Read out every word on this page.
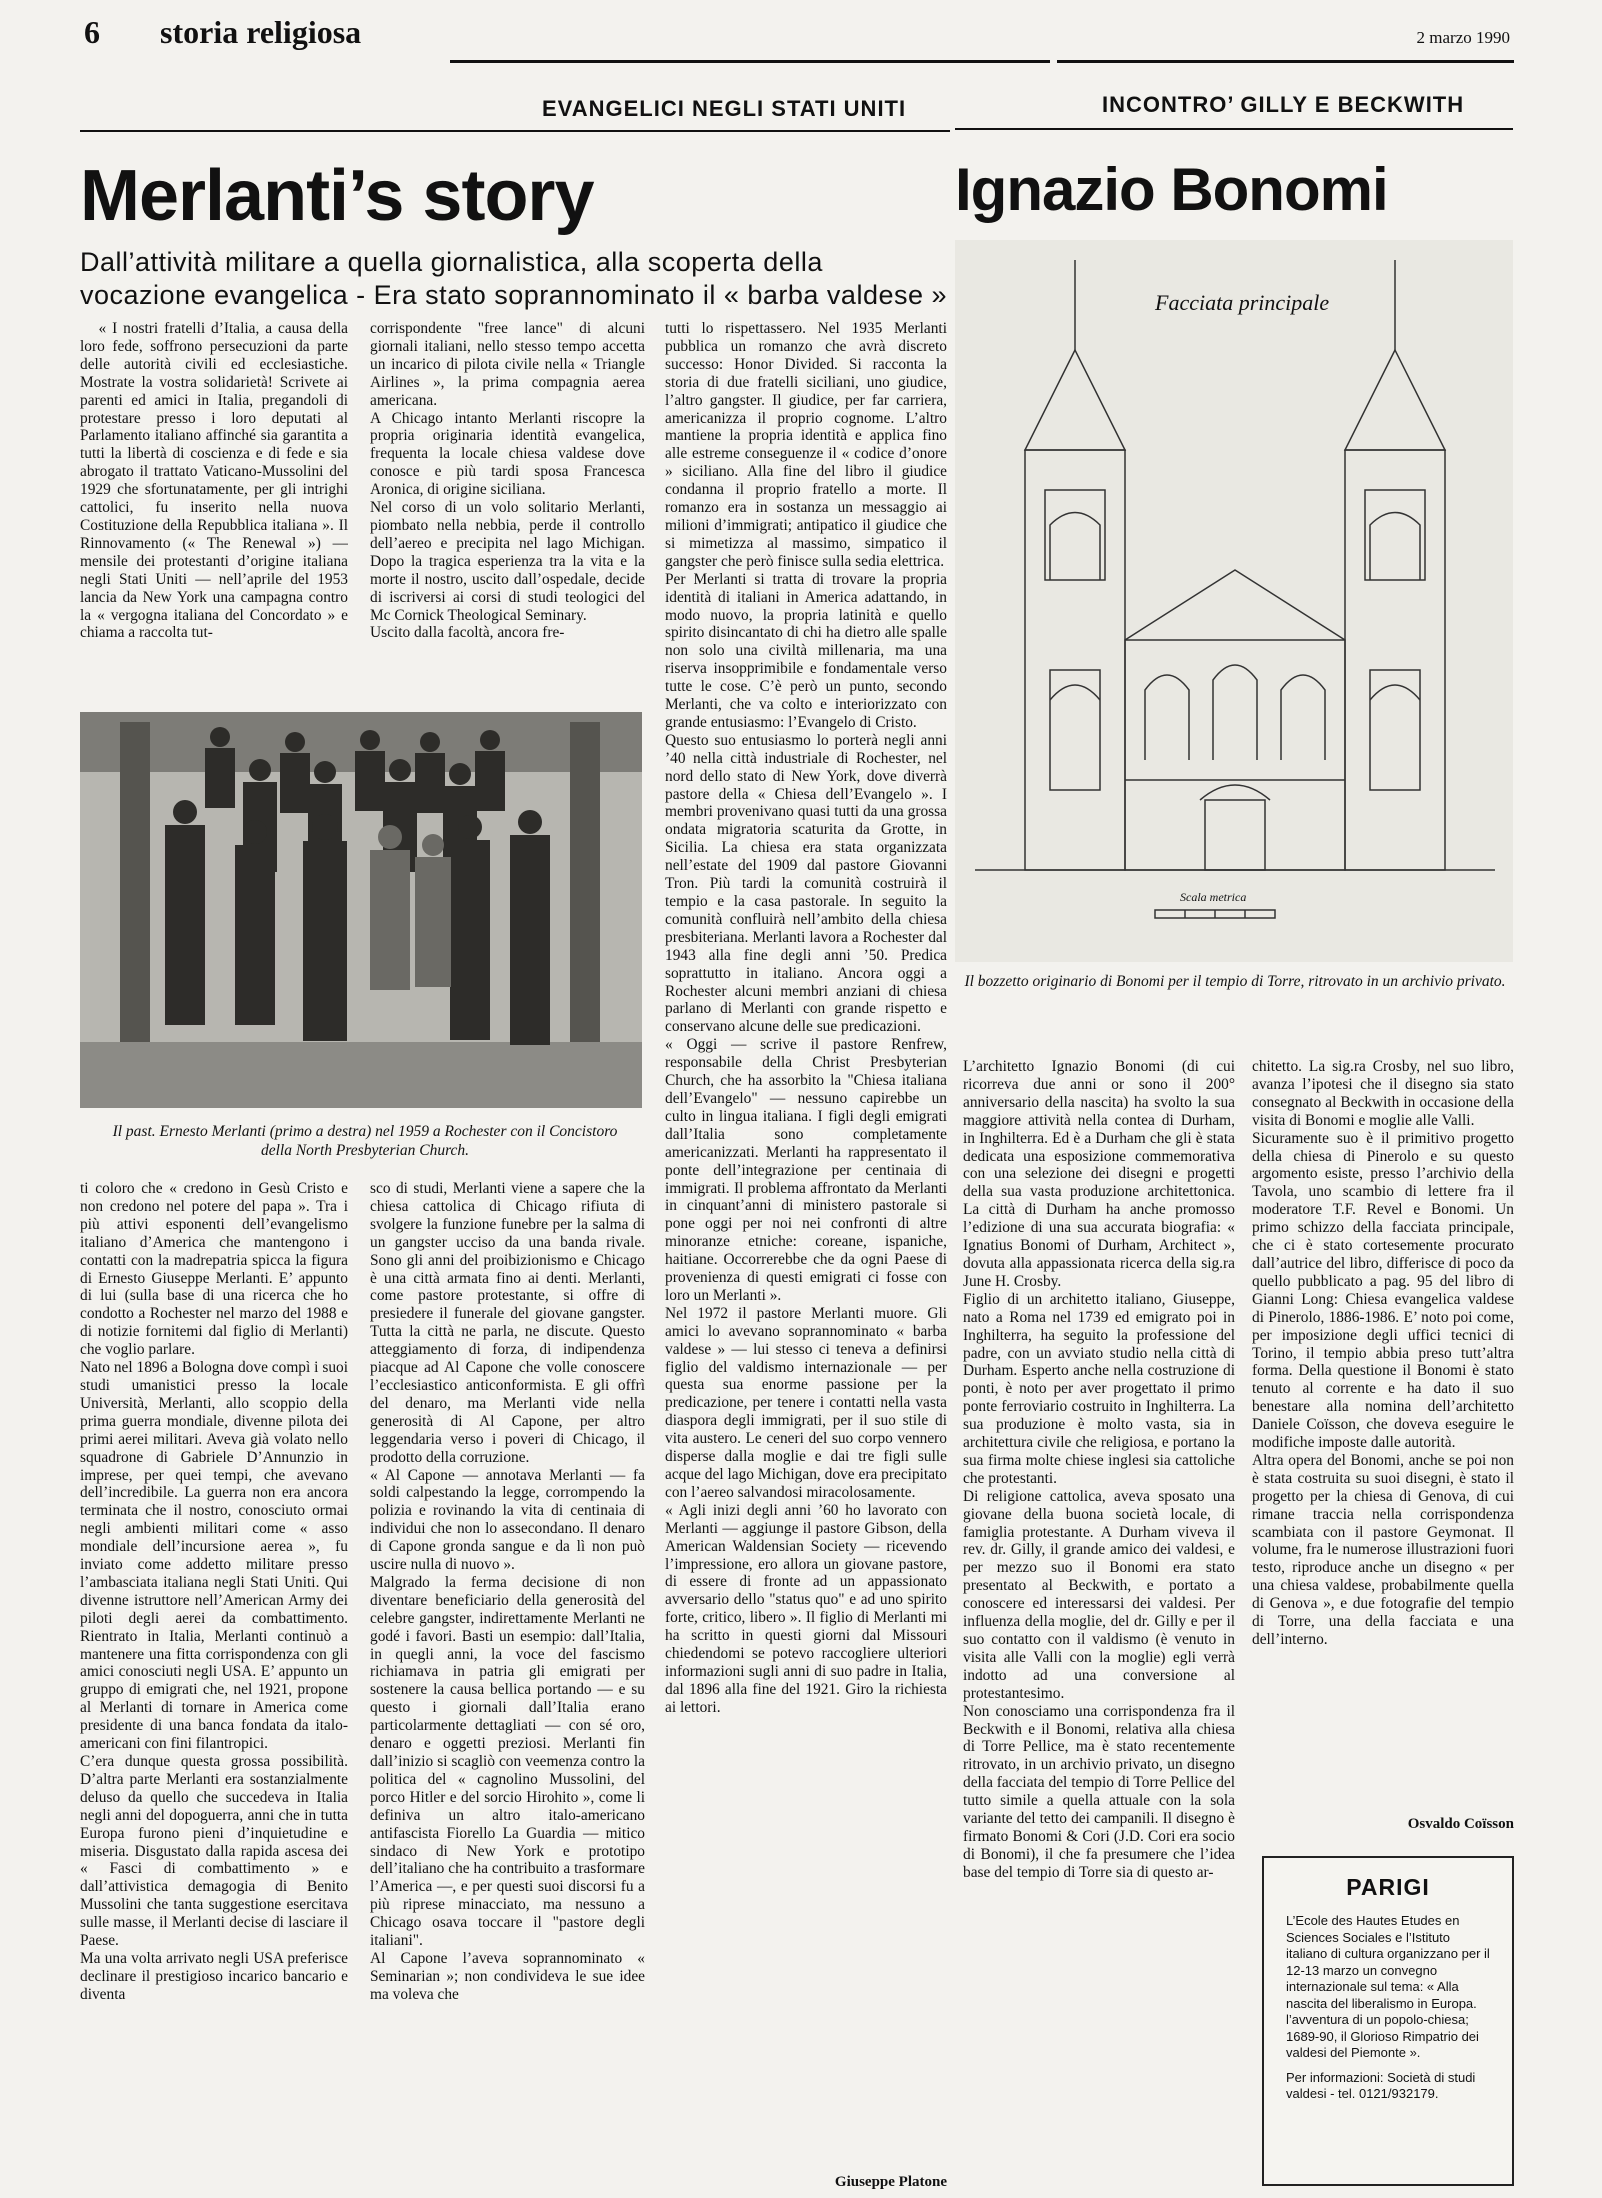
6 storia religiosa	2 marzo 1990
EVANGELICI NEGLI STATI UNITI
Merlanti’s story
Dall’attività militare a quella giornalistica, alla scoperta della vocazione evangelica - Era stato soprannominato il « barba valdese »
INCONTRO’ GILLY E BECKWITH
Ignazio Bonomi
« I nostri fratelli d’Italia, a causa della loro fede, soffrono persecuzioni da parte delle autorità civili ed ecclesiastiche. Mostrate la vostra solidarietà! Scrivete ai parenti ed amici in Italia, pregandoli di protestare presso i loro deputati al Parlamento italiano affinché sia garantita a tutti la libertà di coscienza e di fede e sia abrogato il trattato Vaticano-Mussolini del 1929 che sfortunatamente, per gli intrighi cattolici, fu inserito nella nuova Costituzione della Repubblica italiana ». Il Rinnovamento (« The Renewal ») — mensile dei protestanti d’origine italiana negli Stati Uniti — nell’aprile del 1953 lancia da New York una campagna contro la « vergogna italiana del Concordato » e chiama a raccolta tut-
corrispondente "free lance" di alcuni giornali italiani, nello stesso tempo accetta un incarico di pilota civile nella « Triangle Airlines », la prima compagnia aerea americana.
A Chicago intanto Merlanti riscopre la propria originaria identità evangelica, frequenta la locale chiesa valdese dove conosce e più tardi sposa Francesca Aronica, di origine siciliana.
Nel corso di un volo solitario Merlanti, piombato nella nebbia, perde il controllo dell’aereo e precipita nel lago Michigan. Dopo la tragica esperienza tra la vita e la morte il nostro, uscito dall’ospedale, decide di iscriversi ai corsi di studi teologici del Mc Cornick Theological Seminary.
Uscito dalla facoltà, ancora fre-
tutti lo rispettassero. Nel 1935 Merlanti pubblica un romanzo che avrà discreto successo: Honor Divided. Si racconta la storia di due fratelli siciliani, uno giudice, l’altro gangster. Il giudice, per far carriera, americanizza il proprio cognome. L’altro mantiene la propria identità e applica fino alle estreme conseguenze il « codice d’onore » siciliano. Alla fine del libro il giudice condanna il proprio fratello a morte. Il romanzo era in sostanza un messaggio ai milioni d’immigrati; antipatico il giudice che si mimetizza al massimo, simpatico il gangster che però finisce sulla sedia elettrica.
Per Merlanti si tratta di trovare la propria identità di italiani in America adattando, in modo nuovo, la propria latinità e quello spirito disincantato di chi ha dietro alle spalle non solo una civiltà millenaria, ma una riserva insopprimibile e fondamentale verso tutte le cose. C’è però un punto, secondo Merlanti, che va colto e interiorizzato con grande entusiasmo: l’Evangelo di Cristo.
Questo suo entusiasmo lo porterà negli anni ’40 nella città industriale di Rochester, nel nord dello stato di New York, dove diverrà pastore della « Chiesa dell’Evangelo ». I membri provenivano quasi tutti da una grossa ondata migratoria scaturita da Grotte, in Sicilia. La chiesa era stata organizzata nell’estate del 1909 dal pastore Giovanni Tron. Più tardi la comunità costruirà il tempio e la casa pastorale. In seguito la comunità confluirà nell’ambito della chiesa presbiteriana. Merlanti lavora a Rochester dal 1943 alla fine degli anni ’50. Predica soprattutto in italiano. Ancora oggi a Rochester alcuni membri anziani di chiesa parlano di Merlanti con grande rispetto e conservano alcune delle sue predicazioni.
« Oggi — scrive il pastore Renfrew, responsabile della Christ Presbyterian Church, che ha assorbito la "Chiesa italiana dell’Evangelo" — nessuno capirebbe un culto in lingua italiana. I figli degli emigrati dall’Italia sono completamente americanizzati. Merlanti ha rappresentato il ponte dell’integrazione per centinaia di immigrati. Il problema affrontato da Merlanti in cinquant’anni di ministero pastorale si pone oggi per noi nei confronti di altre minoranze etniche: coreane, ispaniche, haitiane. Occorrerebbe che da ogni Paese di provenienza di questi emigrati ci fosse con loro un Merlanti ».
Nel 1972 il pastore Merlanti muore. Gli amici lo avevano soprannominato « barba valdese » — lui stesso ci teneva a definirsi figlio del valdismo internazionale — per questa sua enorme passione per la predicazione, per tenere i contatti nella vasta diaspora degli immigrati, per il suo stile di vita austero. Le ceneri del suo corpo vennero disperse dalla moglie e dai tre figli sulle acque del lago Michigan, dove era precipitato con l’aereo salvandosi miracolosamente.
« Agli inizi degli anni ’60 ho lavorato con Merlanti — aggiunge il pastore Gibson, della American Waldensian Society — ricevendo l’impressione, ero allora un giovane pastore, di essere di fronte ad un appassionato avversario dello "status quo" e ad uno spirito forte, critico, libero ». Il figlio di Merlanti mi ha scritto in questi giorni dal Missouri chiedendomi se potevo raccogliere ulteriori informazioni sugli anni di suo padre in Italia, dal 1896 alla fine del 1921. Giro la richiesta ai lettori.
Giuseppe Platone
Il past. Ernesto Merlanti (primo a destra) nel 1959 a Rochester con il Concistoro della North Presbyterian Church.
ti coloro che « credono in Gesù Cristo e non credono nel potere del papa ». Tra i più attivi esponenti dell’evangelismo italiano d’America che mantengono i contatti con la madrepatria spicca la figura di Ernesto Giuseppe Merlanti. E’ appunto di lui (sulla base di una ricerca che ho condotto a Rochester nel marzo del 1988 e di notizie fornitemi dal figlio di Merlanti) che voglio parlare.
Nato nel 1896 a Bologna dove compì i suoi studi umanistici presso la locale Università, Merlanti, allo scoppio della prima guerra mondiale, divenne pilota dei primi aerei militari. Aveva già volato nello squadrone di Gabriele D’Annunzio in imprese, per quei tempi, che avevano dell’incredibile. La guerra non era ancora terminata che il nostro, conosciuto ormai negli ambienti militari come « asso mondiale dell’incursione aerea », fu inviato come addetto militare presso l’ambasciata italiana negli Stati Uniti. Qui divenne istruttore nell’American Army dei piloti degli aerei da combattimento. Rientrato in Italia, Merlanti continuò a mantenere una fitta corrispondenza con gli amici conosciuti negli USA. E’ appunto un gruppo di emigrati che, nel 1921, propone al Merlanti di tornare in America come presidente di una banca fondata da italo-americani con fini filantropici.
C’era dunque questa grossa possibilità. D’altra parte Merlanti era sostanzialmente deluso da quello che succedeva in Italia negli anni del dopoguerra, anni che in tutta Europa furono pieni d’inquietudine e miseria. Disgustato dalla rapida ascesa dei « Fasci di combattimento » e dall’attivistica demagogia di Benito Mussolini che tanta suggestione esercitava sulle masse, il Merlanti decise di lasciare il Paese.
Ma una volta arrivato negli USA preferisce declinare il prestigioso incarico bancario e diventa
sco di studi, Merlanti viene a sapere che la chiesa cattolica di Chicago rifiuta di svolgere la funzione funebre per la salma di un gangster ucciso da una banda rivale. Sono gli anni del proibizionismo e Chicago è una città armata fino ai denti. Merlanti, come pastore protestante, si offre di presiedere il funerale del giovane gangster. Tutta la città ne parla, ne discute. Questo atteggiamento di forza, di indipendenza piacque ad Al Capone che volle conoscere l’ecclesiastico anticonformista. E gli offrì del denaro, ma Merlanti vide nella generosità di Al Capone, per altro leggendaria verso i poveri di Chicago, il prodotto della corruzione.
« Al Capone — annotava Merlanti — fa soldi calpestando la legge, corrompendo la polizia e rovinando la vita di centinaia di individui che non lo assecondano. Il denaro di Capone gronda sangue e da lì non può uscire nulla di nuovo ».
Malgrado la ferma decisione di non diventare beneficiario della generosità del celebre gangster, indirettamente Merlanti ne godé i favori. Basti un esempio: dall’Italia, in quegli anni, la voce del fascismo richiamava in patria gli emigrati per sostenere la causa bellica portando — e su questo i giornali dall’Italia erano particolarmente dettagliati — con sé oro, denaro e oggetti preziosi. Merlanti fin dall’inizio si scagliò con veemenza contro la politica del « cagnolino Mussolini, del porco Hitler e del sorcio Hirohito », come li definiva un altro italo-americano antifascista Fiorello La Guardia — mitico sindaco di New York e prototipo dell’italiano che ha contribuito a trasformare l’America —, e per questi suoi discorsi fu a più riprese minacciato, ma nessuno a Chicago osava toccare il "pastore degli italiani".
Al Capone l’aveva soprannominato « Seminarian »; non condivideva le sue idee ma voleva che
Facciata principale
Scala metrica
Il bozzetto originario di Bonomi per il tempio di Torre, ritrovato in un archivio privato.
L’architetto Ignazio Bonomi (di cui ricorreva due anni or sono il 200° anniversario della nascita) ha svolto la sua maggiore attività nella contea di Durham, in Inghilterra. Ed è a Durham che gli è stata dedicata una esposizione commemorativa con una selezione dei disegni e progetti della sua vasta produzione architettonica. La città di Durham ha anche promosso l’edizione di una sua accurata biografia: « Ignatius Bonomi of Durham, Architect », dovuta alla appassionata ricerca della sig.ra June H. Crosby.
Figlio di un architetto italiano, Giuseppe, nato a Roma nel 1739 ed emigrato poi in Inghilterra, ha seguito la professione del padre, con un avviato studio nella città di Durham. Esperto anche nella costruzione di ponti, è noto per aver progettato il primo ponte ferroviario costruito in Inghilterra. La sua produzione è molto vasta, sia in architettura civile che religiosa, e portano la sua firma molte chiese inglesi sia cattoliche che protestanti.
Di religione cattolica, aveva sposato una giovane della buona società locale, di famiglia protestante. A Durham viveva il rev. dr. Gilly, il grande amico dei valdesi, e per mezzo suo il Bonomi era stato presentato al Beckwith, e portato a conoscere ed interessarsi dei valdesi. Per influenza della moglie, del dr. Gilly e per il suo contatto con il valdismo (è venuto in visita alle Valli con la moglie) egli verrà indotto ad una conversione al protestantesimo.
Non conosciamo una corrispondenza fra il Beckwith e il Bonomi, relativa alla chiesa di Torre Pellice, ma è stato recentemente ritrovato, in un archivio privato, un disegno della facciata del tempio di Torre Pellice del tutto simile a quella attuale con la sola variante del tetto dei campanili. Il disegno è firmato Bonomi & Cori (J.D. Cori era socio di Bonomi), il che fa presumere che l’idea base del tempio di Torre sia di questo ar-
chitetto. La sig.ra Crosby, nel suo libro, avanza l’ipotesi che il disegno sia stato consegnato al Beckwith in occasione della visita di Bonomi e moglie alle Valli.
Sicuramente suo è il primitivo progetto della chiesa di Pinerolo e su questo argomento esiste, presso l’archivio della Tavola, uno scambio di lettere fra il moderatore T.F. Revel e Bonomi. Un primo schizzo della facciata principale, che ci è stato cortesemente procurato dall’autrice del libro, differisce di poco da quello pubblicato a pag. 95 del libro di Gianni Long: Chiesa evangelica valdese di Pinerolo, 1886-1986. E’ noto poi come, per imposizione degli uffici tecnici di Torino, il tempio abbia preso tutt’altra forma. Della questione il Bonomi è stato tenuto al corrente e ha dato il suo benestare alla nomina dell’architetto Daniele Coïsson, che doveva eseguire le modifiche imposte dalle autorità.
Altra opera del Bonomi, anche se poi non è stata costruita su suoi disegni, è stato il progetto per la chiesa di Genova, di cui rimane traccia nella corrispondenza scambiata con il pastore Geymonat. Il volume, fra le numerose illustrazioni fuori testo, riproduce anche un disegno « per una chiesa valdese, probabilmente quella di Genova », e due fotografie del tempio di Torre, una della facciata e una dell’interno.
Osvaldo Coïsson
PARIGI
L’Ecole des Hautes Etudes en Sciences Sociales e l’Istituto italiano di cultura organizzano per il 12-13 marzo un convegno internazionale sul tema: « Alla nascita del liberalismo in Europa. l’avventura di un popolo-chiesa; 1689-90, il Glorioso Rimpatrio dei valdesi del Piemonte ».
Per informazioni: Società di studi valdesi - tel. 0121/932179.
